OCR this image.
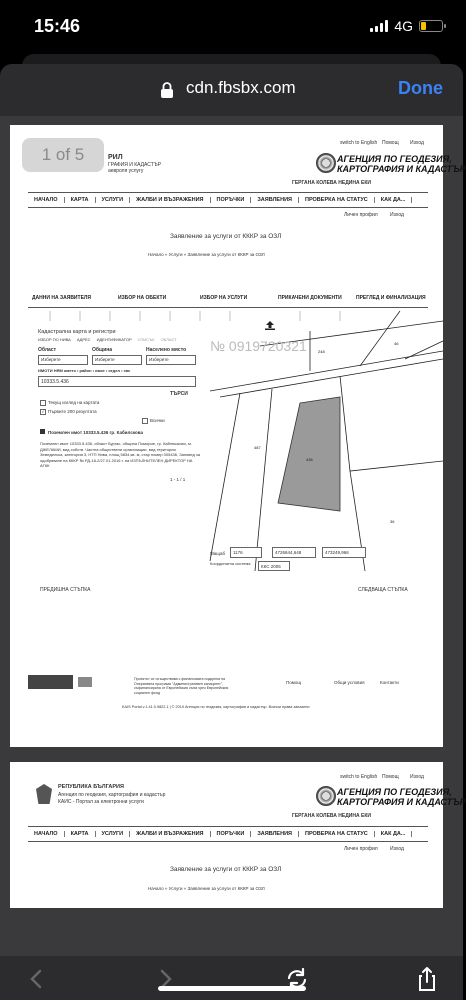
15:46	4G
cdn.fbsbx.com	Done
1 of 5	РИЛ
ГРАФИЯ И КАДАСТЪР
аевроля услугу
switch to English Помощ Изход
АГЕНЦИЯ ПО ГЕОДЕЗИЯ,
КАРТОГРАФИЯ И КАДАСТЪР
ГЕРГАНА КОЛЕВА НЕДИНА ЕКИ
НАЧАЛО	КАРТА	УСЛУГИ	ЖАЛБИ И ВЪЗРАЖЕНИЯ	ПОРЪЧКИ	ЗАЯВЛЕНИЯ	ПРОВЕРКА НА СТАТУС	КАК ДА...
Личен профил Изход
Заявление за услуги от КККР за ОЗЛ
Начало » Услуги » Заявление за услуги от КККР за ОЗЛ
ДАННИ НА ЗАЯВИТЕЛЯ	ИЗБОР НА ОБЕКТИ	ИЗБОР НА УСЛУГИ	ПРИКАЧЕНИ ДОКУМЕНТИ	ПРЕГЛЕД И ФИНАЛИЗАЦИЯ
436
487
248
46
36
№ 0919720321
Кадастрална карта и регистри
ИЗБОР ПО НИВА АДРЕС ИДЕНТИФИКАТОР СПИСЪК ОБЛАСТ
Област	Община	Населено място
Изберете	Изберете	Изберете
ИМОТИ НЯМ името • район • имот • отдел • хас
10333.5.436
ТЪРСИ
Текущ изглед на картата
✓ Първите 200 резултата
Всички
Поземлен имот 10333.5.436 гр. Кабилскова
Поземлен имот 10333.5.436, област Бургас, община Поморие, гр. Каблешково, м. ДЖЕЛАМИ, вид собств. Частна обществени организации, вид територия Земеделска, категория 3, НТП Нива, площ 5834 кв. м, стар номер 005436, Заповед за одобряване на КККР № РД-18-2/27.01.2016 г. на ИЗПЪЛНИТЕЛЕН ДИРЕКТОР НА АГКК
1 - 1 / 1
Мащаб 1176	4726644,648	473249,966
Координатна система ККС 2005
ПРЕДИШНА СТЪПКА	СЛЕДВАЩА СТЪПКА
Проектът се осъществява с финансовата подкрепа на Оперативна програма "Административен капацитет", съфинансирана от Европейския съюз чрез Европейския социален фонд
Помощ	Общи условия	Контакти
KAIS Portal v.1.41.0.9822.1 | © 2019 Агенция по геодезия, картография и кадастър. Всички права запазени
РЕПУБЛИКА БЪЛГАРИЯ
Агенция по геодезия, картография и кадастър
КАИС - Портал за електронни услуги
switch to English Помощ Изход
АГЕНЦИЯ ПО ГЕОДЕЗИЯ,
КАРТОГРАФИЯ И КАДАСТЪР
ГЕРГАНА КОЛЕВА НЕДИНА ЕКИ
НАЧАЛО	КАРТА	УСЛУГИ	ЖАЛБИ И ВЪЗРАЖЕНИЯ	ПОРЪЧКИ	ЗАЯВЛЕНИЯ	ПРОВЕРКА НА СТАТУС	КАК ДА...
Личен профил Изход
Заявление за услуги от КККР за ОЗЛ
Начало » Услуги » Заявление за услуги от КККР за ОЗЛ
